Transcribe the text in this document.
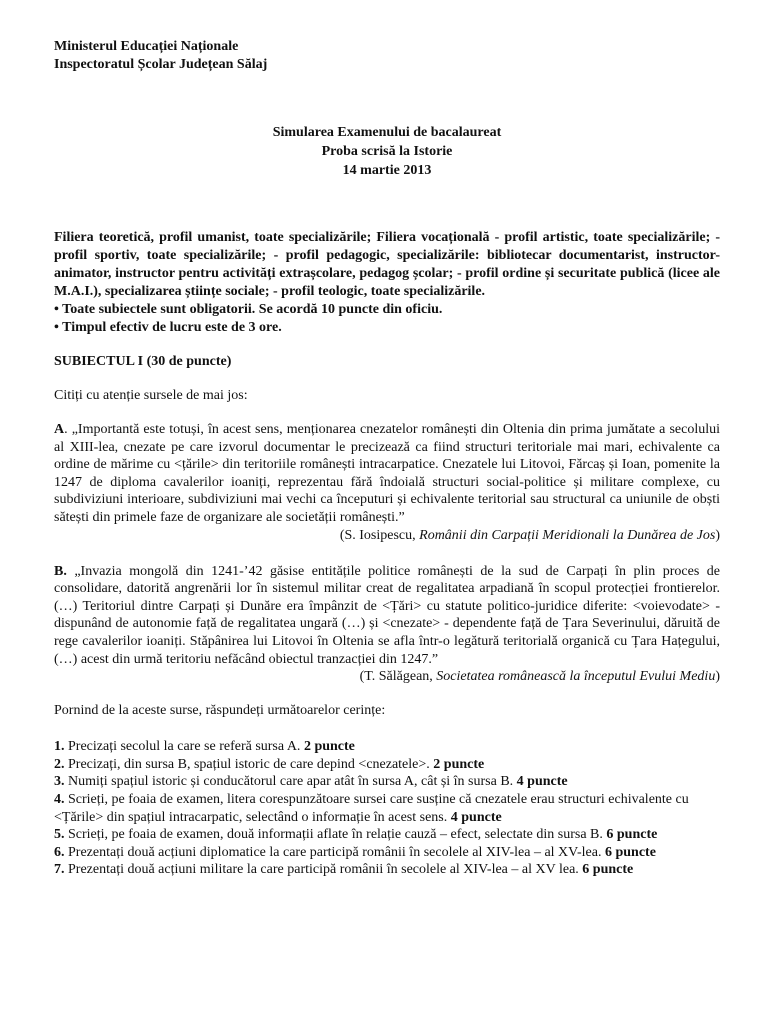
Ministerul Educației Naționale

Inspectoratul Școlar Județean Sălaj

Simularea Examenului de bacalaureat

Proba scrisă la Istorie

14 martie 2013

Filiera teoretică, profil umanist, toate specializările; Filiera vocațională - profil artistic, toate specializările; - profil sportiv, toate specializările; - profil pedagogic, specializările: bibliotecar documentarist, instructor-animator, instructor pentru activități extrașcolare, pedagog școlar; - profil ordine și securitate publică (licee ale M.A.I.), specializarea științe sociale; - profil teologic, toate specializările.

• Toate subiectele sunt obligatorii. Se acordă 10 puncte din oficiu.

• Timpul efectiv de lucru este de 3 ore.

SUBIECTUL I (30 de puncte)

Citiți cu atenție sursele de mai jos:

A. „Importantă este totuși, în acest sens, menționarea cnezatelor românești din Oltenia din prima jumătate a secolului al XIII-lea, cnezate pe care izvorul documentar le precizează ca fiind structuri teritoriale mai mari, echivalente ca ordine de mărime cu <țările> din teritoriile românești intracarpatice. Cnezatele lui Litovoi, Fărcaș și Ioan, pomenite la 1247 de diploma cavalerilor ioaniți, reprezentau fără îndoială structuri social-politice și militare complexe, cu subdiviziuni interioare, subdiviziuni mai vechi ca începuturi și echivalente teritorial sau structural ca uniunile de obști sătești din primele faze de organizare ale societății românești.”

(S. Iosipescu, Românii din Carpații Meridionali la Dunărea de Jos)

B. „Invazia mongolă din 1241-’42 găsise entitățile politice românești de la sud de Carpați în plin proces de consolidare, datorită angrenării lor în sistemul militar creat de regalitatea arpadiană în scopul protecției frontierelor. (…) Teritoriul dintre Carpați și Dunăre era împânzit de <Țări> cu statute politico-juridice diferite: <voievodate> - dispunând de autonomie față de regalitatea ungară (…) și <cnezate> - dependente față de Țara Severinului, dăruită de rege cavalerilor ioaniți. Stăpânirea lui Litovoi în Oltenia se afla într-o legătură teritorială organică cu Țara Hațegului, (…) acest din urmă teritoriu nefăcând obiectul tranzacției din 1247.”

(T. Sălăgean, Societatea românească la începutul Evului Mediu)

Pornind de la aceste surse, răspundeți următoarelor cerințe:

1. Precizați secolul la care se referă sursa A. 2 puncte

2. Precizați, din sursa B, spațiul istoric de care depind <cnezatele>. 2 puncte

3. Numiți spațiul istoric și conducătorul care apar atât în sursa A, cât și în sursa B. 4 puncte

4. Scrieți, pe foaia de examen, litera corespunzătoare sursei care susține că cnezatele erau structuri echivalente cu <Țările> din spațiul intracarpatic, selectând o informație în acest sens. 4 puncte

5. Scrieți, pe foaia de examen, două informații aflate în relație cauză – efect, selectate din sursa B. 6 puncte

6. Prezentați două acțiuni diplomatice la care participă românii în secolele al XIV-lea – al XV-lea. 6 puncte

7. Prezentați două acțiuni militare la care participă românii în secolele al XIV-lea – al XV lea. 6 puncte
